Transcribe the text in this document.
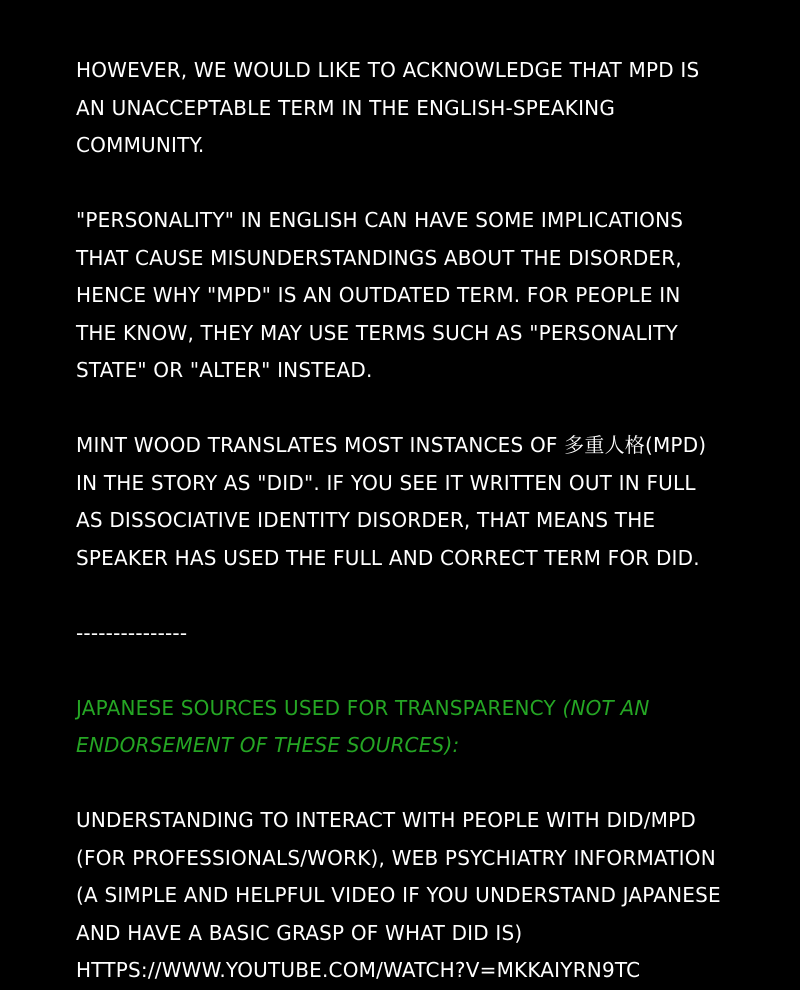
HOWEVER, WE WOULD LIKE TO ACKNOWLEDGE THAT MPD IS AN UNACCEPTABLE TERM IN THE ENGLISH-SPEAKING COMMUNITY.

"PERSONALITY" IN ENGLISH CAN HAVE SOME IMPLICATIONS THAT CAUSE MISUNDERSTANDINGS ABOUT THE DISORDER, HENCE WHY "MPD" IS AN OUTDATED TERM. FOR PEOPLE IN THE KNOW, THEY MAY USE TERMS SUCH AS "PERSONALITY STATE" OR "ALTER" INSTEAD.

MINT WOOD TRANSLATES MOST INSTANCES OF 多重人格(MPD) IN THE STORY AS "DID". IF YOU SEE IT WRITTEN OUT IN FULL AS DISSOCIATIVE IDENTITY DISORDER, THAT MEANS THE SPEAKER HAS USED THE FULL AND CORRECT TERM FOR DID.

---------------

JAPANESE SOURCES USED FOR TRANSPARENCY (NOT AN ENDORSEMENT OF THESE SOURCES):

UNDERSTANDING TO INTERACT WITH PEOPLE WITH DID/MPD (FOR PROFESSIONALS/WORK), WEB PSYCHIATRY INFORMATION (A SIMPLE AND HELPFUL VIDEO IF YOU UNDERSTAND JAPANESE AND HAVE A BASIC GRASP OF WHAT DID IS)
HTTPS://WWW.YOUTUBE.COM/WATCH?V=MKKAIYRN9TC
